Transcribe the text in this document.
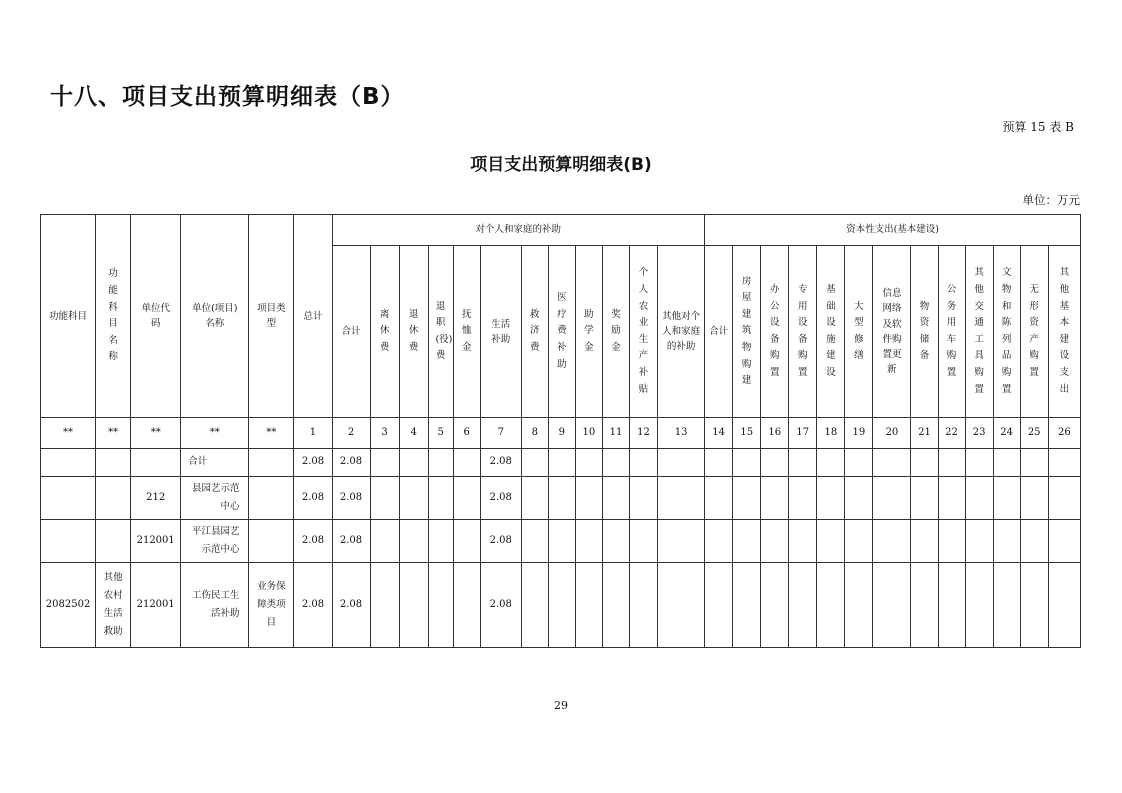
十八、项目支出预算明细表（B）
预算 15 表 B
项目支出预算明细表(B)
单位：万元
功能科目	功能科目名称	单位代码	单位(项目)名称	项目类型	总计	对个人和家庭的补助												资本性支出(基本建设)												
						合计	离休费	退休费	退职(役)费	抚恤金	生活补助	救济费	医疗费补助	助学金	奖励金	个人农业生产补贴	其他对个人和家庭的补助	合计	房屋建筑物购建	办公设备购置	专用设备购置	基础设施建设	大型修缮	信息网络及软件购置更新	物资储备	公务用车购置	其他交通工具购置	文物和陈列品购置	无形资产购置	其他基本建设支出
**	**	**	**	**	1	2	3	4	5	6	7	8	9	10	11	12	13	14	15	16	17	18	19	20	21	22	23	24	25	26
			合计		2.08	2.08					2.08																			
		212	县园艺示范中心		2.08	2.08					2.08																			
		212001	平江县园艺示范中心		2.08	2.08					2.08																			
2082502	其他农村生活救助	212001	工伤民工生活补助	业务保障类项目	2.08	2.08					2.08																			
29
